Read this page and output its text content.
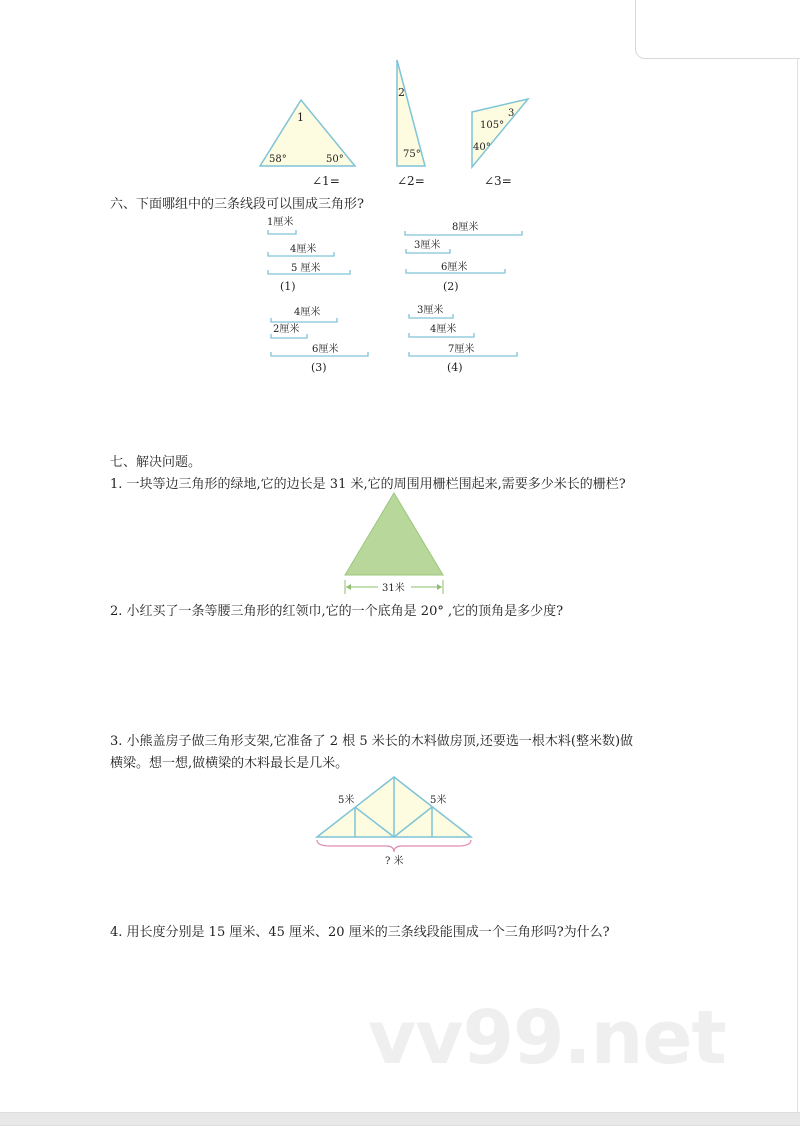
1
58°	50°
∠1=
2
75°
∠2=
105°
3
40°
∠3=
1厘米
4厘米
5 厘米
(1)
8厘米
3厘米
6厘米
(2)
4厘米
2厘米
6厘米
(3)
3厘米
4厘米
7厘米
(4)
31米
5米	5米
? 米
六、下面哪组中的三条线段可以围成三角形?
七、解决问题。
1. 一块等边三角形的绿地,它的边长是 31 米,它的周围用栅栏围起来,需要多少米长的栅栏?
2. 小红买了一条等腰三角形的红领巾,它的一个底角是 20° ,它的顶角是多少度?
3. 小熊盖房子做三角形支架,它准备了 2 根 5 米长的木料做房顶,还要选一根木料(整米数)做
横梁。想一想,做横梁的木料最长是几米。
4. 用长度分别是 15 厘米、45 厘米、20 厘米的三条线段能围成一个三角形吗?为什么?
vv99.net
